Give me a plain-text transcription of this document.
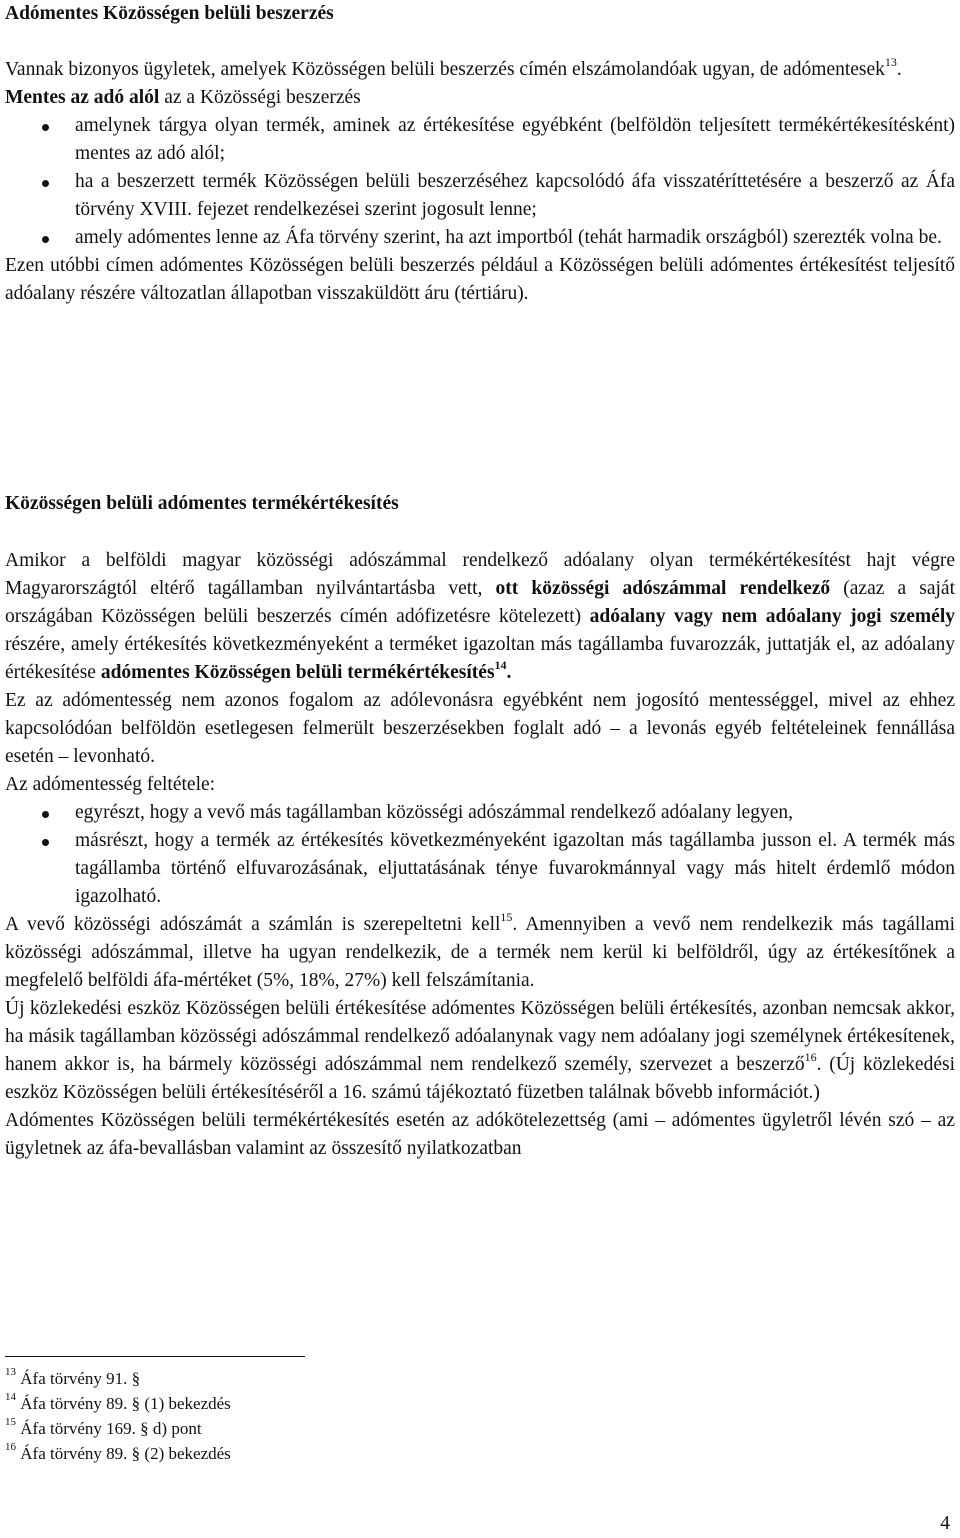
Adómentes Közösségen belüli beszerzés

Vannak bizonyos ügyletek, amelyek Közösségen belüli beszerzés címén elszámolandóak ugyan, de adómentesek$^{13}$.

Mentes az adó alól az a Közösségi beszerzés

amelynek tárgya olyan termék, aminek az értékesítése egyébként (belföldön teljesített termékértékesítésként) mentes az adó alól;
ha a beszerzett termék Közösségen belüli beszerzéséhez kapcsolódó áfa visszatéríttetésére a beszerző az Áfa törvény XVIII. fejezet rendelkezései szerint jogosult lenne;
amely adómentes lenne az Áfa törvény szerint, ha azt importból (tehát harmadik országból) szerezték volna be.

Ezen utóbbi címen adómentes Közösségen belüli beszerzés például a Közösségen belüli adómentes értékesítést teljesítő adóalany részére változatlan állapotban visszaküldött áru (tértiáru).

Közösségen belüli adómentes termékértékesítés

Amikor a belföldi magyar közösségi adószámmal rendelkező adóalany olyan termékértékesítést hajt végre Magyarországtól eltérő tagállamban nyilvántartásba vett, ott közösségi adószámmal rendelkező (azaz a saját országában Közösségen belüli beszerzés címén adófizetésre kötelezett) adóalany vagy nem adóalany jogi személy részére, amely értékesítés következményeként a terméket igazoltan más tagállamba fuvarozzák, juttatják el, az adóalany értékesítése adómentes Közösségen belüli termékértékesítés$^{14}$.

Ez az adómentesség nem azonos fogalom az adólevonásra egyébként nem jogosító mentességgel, mivel az ehhez kapcsolódóan belföldön esetlegesen felmerült beszerzésekben foglalt adó – a levonás egyéb feltételeinek fennállása esetén – levonható.

Az adómentesség feltétele:

egyrészt, hogy a vevő más tagállamban közösségi adószámmal rendelkező adóalany legyen,
másrészt, hogy a termék az értékesítés következményeként igazoltan más tagállamba jusson el. A termék más tagállamba történő elfuvarozásának, eljuttatásának ténye fuvarokmánnyal vagy más hitelt érdemlő módon igazolható.

A vevő közösségi adószámát a számlán is szerepeltetni kell$^{15}$. Amennyiben a vevő nem rendelkezik más tagállami közösségi adószámmal, illetve ha ugyan rendelkezik, de a termék nem kerül ki belföldről, úgy az értékesítőnek a megfelelő belföldi áfa-mértéket (5%, 18%, 27%) kell felszámítania.

Új közlekedési eszköz Közösségen belüli értékesítése adómentes Közösségen belüli értékesítés, azonban nemcsak akkor, ha másik tagállamban közösségi adószámmal rendelkező adóalanynak vagy nem adóalany jogi személynek értékesítenek, hanem akkor is, ha bármely közösségi adószámmal nem rendelkező személy, szervezet a beszerző$^{16}$. (Új közlekedési eszköz Közösségen belüli értékesítéséről a 16. számú tájékoztató füzetben találnak bővebb információt.)

Adómentes Közösségen belüli termékértékesítés esetén az adókötelezettség (ami – adómentes ügyletről lévén szó – az ügyletnek az áfa-bevallásban valamint az összesítő nyilatkozatban

$^{13}$ Áfa törvény 91. §
$^{14}$ Áfa törvény 89. § (1) bekezdés
$^{15}$ Áfa törvény 169. § d) pont
$^{16}$ Áfa törvény 89. § (2) bekezdés
4
